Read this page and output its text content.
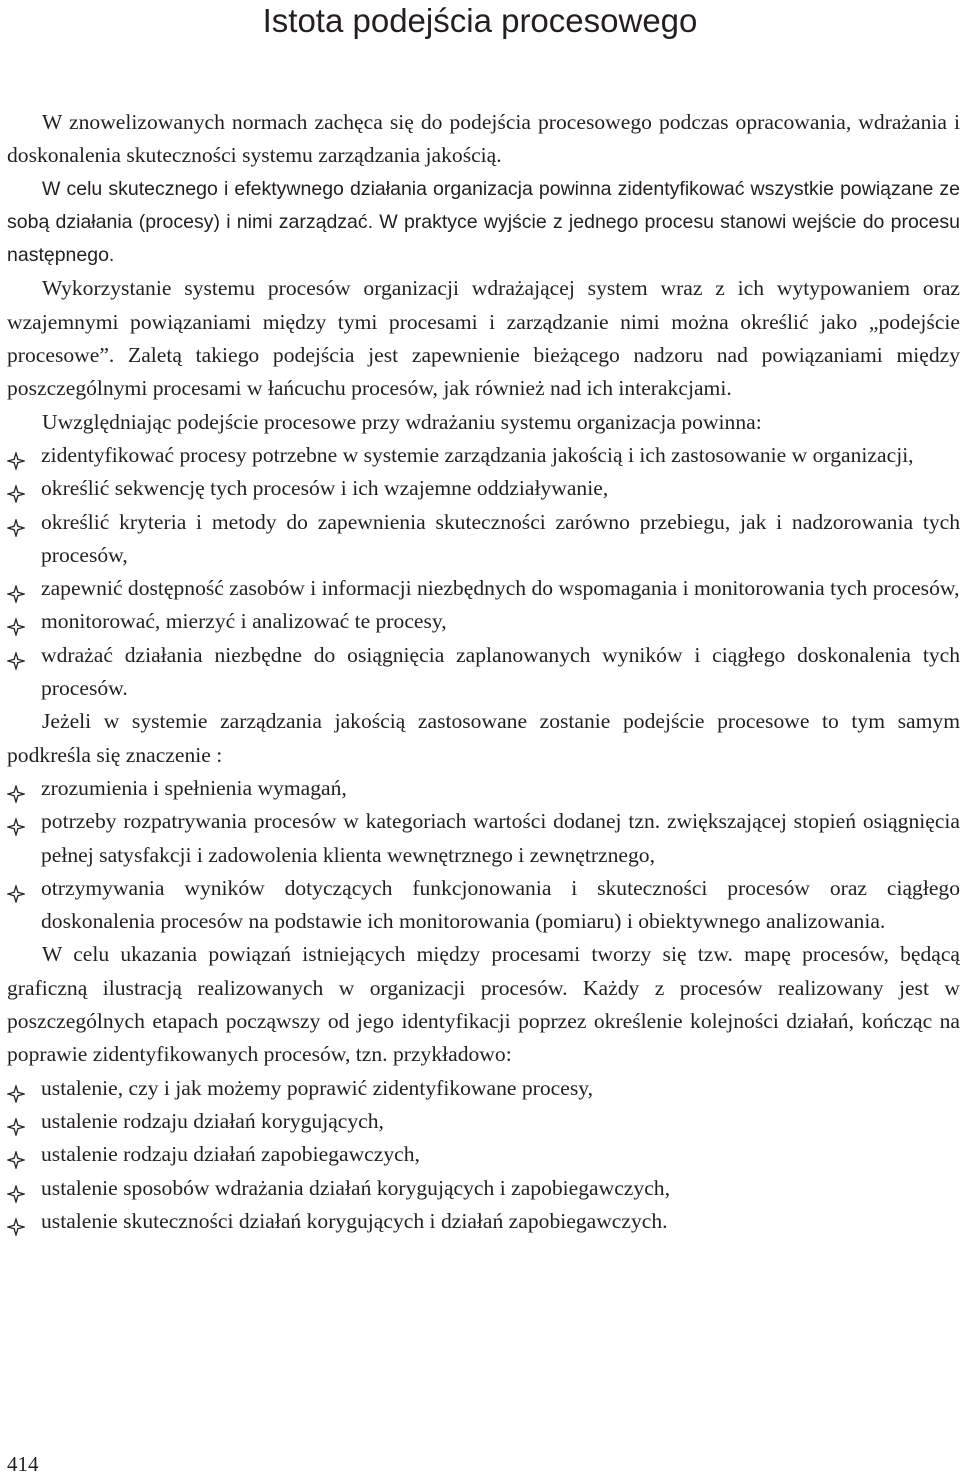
Istota podejścia procesowego

W znowelizowanych normach zachęca się do podejścia procesowego podczas opracowania, wdrażania i doskonalenia skuteczności systemu zarządzania jakością.

W celu skutecznego i efektywnego działania organizacja powinna zidentyfikować wszystkie powiązane ze sobą działania (procesy) i nimi zarządzać. W praktyce wyjście z jednego procesu stanowi wejście do procesu następnego.

Wykorzystanie systemu procesów organizacji wdrażającej system wraz z ich wytypowaniem oraz wzajemnymi powiązaniami między tymi procesami i zarządzanie nimi można określić jako „podejście procesowe”. Zaletą takiego podejścia jest zapewnienie bieżącego nadzoru nad powiązaniami między poszczególnymi procesami w łańcuchu procesów, jak również nad ich interakcjami.

Uwzględniając podejście procesowe przy wdrażaniu systemu organizacja powinna:

zidentyfikować procesy potrzebne w systemie zarządzania jakością i ich zastosowanie w organizacji,
określić sekwencję tych procesów i ich wzajemne oddziaływanie,
określić kryteria i metody do zapewnienia skuteczności zarówno przebiegu, jak i nadzorowania tych procesów,
zapewnić dostępność zasobów i informacji niezbędnych do wspomagania i monitorowania tych procesów,
monitorować, mierzyć i analizować te procesy,
wdrażać działania niezbędne do osiągnięcia zaplanowanych wyników i ciągłego doskonalenia tych procesów.

Jeżeli w systemie zarządzania jakością zastosowane zostanie podejście procesowe to tym samym podkreśla się znaczenie :

zrozumienia i spełnienia wymagań,
potrzeby rozpatrywania procesów w kategoriach wartości dodanej tzn. zwiększającej stopień osiągnięcia pełnej satysfakcji i zadowolenia klienta wewnętrznego i zewnętrznego,
otrzymywania wyników dotyczących funkcjonowania i skuteczności procesów oraz ciągłego doskonalenia procesów na podstawie ich monitorowania (pomiaru) i obiektywnego analizowania.

W celu ukazania powiązań istniejących między procesami tworzy się tzw. mapę procesów, będącą graficzną ilustracją realizowanych w organizacji procesów. Każdy z procesów realizowany jest w poszczególnych etapach począwszy od jego identyfikacji poprzez określenie kolejności działań, kończąc na poprawie zidentyfikowanych procesów, tzn. przykładowo:

ustalenie, czy i jak możemy poprawić zidentyfikowane procesy,
ustalenie rodzaju działań korygujących,
ustalenie rodzaju działań zapobiegawczych,
ustalenie sposobów wdrażania działań korygujących i zapobiegawczych,
ustalenie skuteczności działań korygujących i działań zapobiegawczych.
414
